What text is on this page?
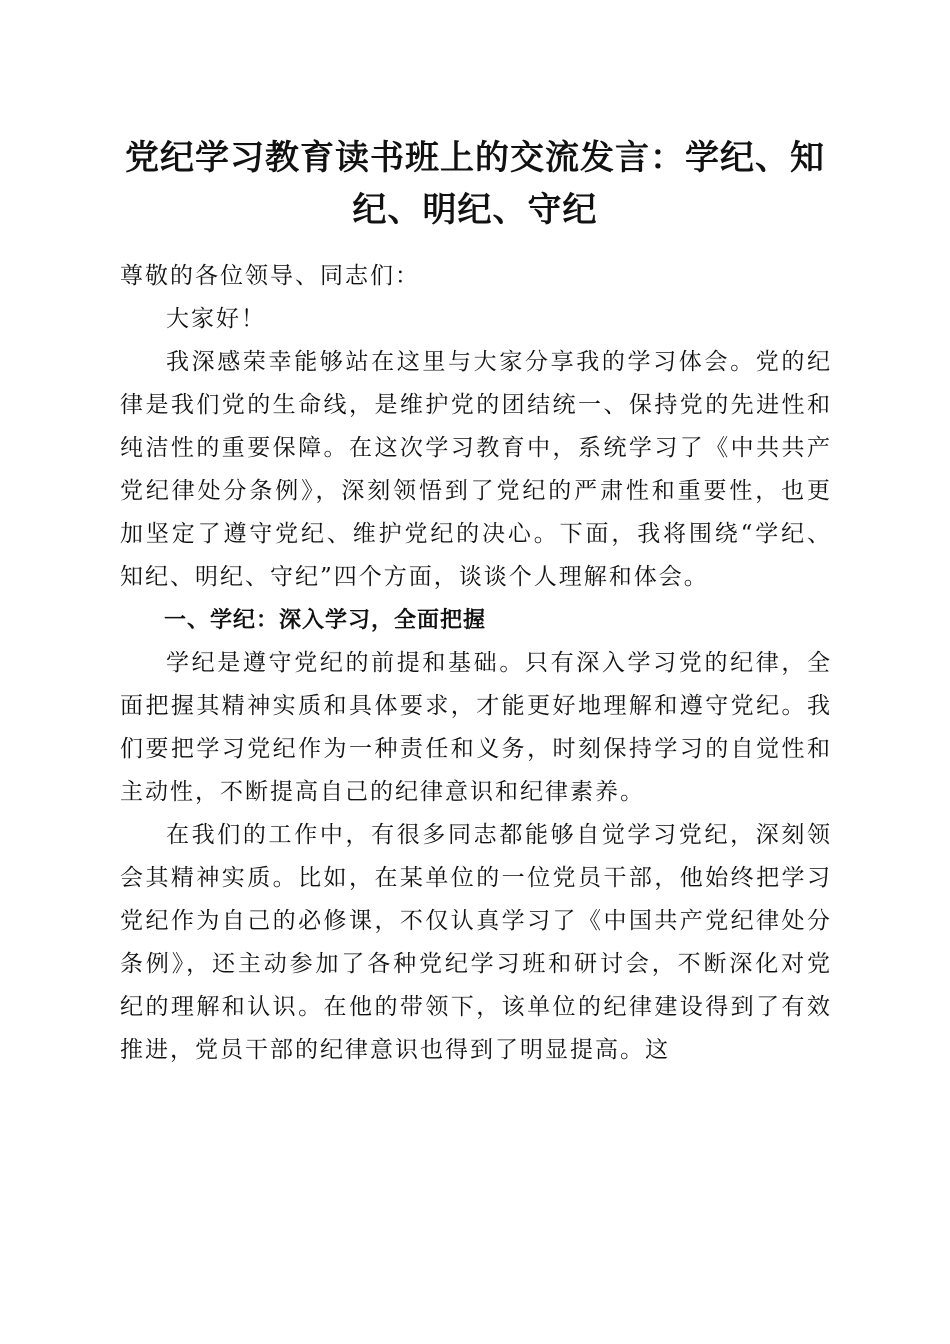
党纪学习教育读书班上的交流发言：学纪、知纪、明纪、守纪

尊敬的各位领导、同志们：

大家好！

我深感荣幸能够站在这里与大家分享我的学习体会。党的纪律是我们党的生命线，是维护党的团结统一、保持党的先进性和纯洁性的重要保障。在这次学习教育中，系统学习了《中共共产党纪律处分条例》，深刻领悟到了党纪的严肃性和重要性，也更加坚定了遵守党纪、维护党纪的决心。下面，我将围绕“学纪、知纪、明纪、守纪”四个方面，谈谈个人理解和体会。

一、学纪：深入学习，全面把握

学纪是遵守党纪的前提和基础。只有深入学习党的纪律，全面把握其精神实质和具体要求，才能更好地理解和遵守党纪。我们要把学习党纪作为一种责任和义务，时刻保持学习的自觉性和主动性，不断提高自己的纪律意识和纪律素养。

在我们的工作中，有很多同志都能够自觉学习党纪，深刻领会其精神实质。比如，在某单位的一位党员干部，他始终把学习党纪作为自己的必修课，不仅认真学习了《中国共产党纪律处分条例》，还主动参加了各种党纪学习班和研讨会，不断深化对党纪的理解和认识。在他的带领下，该单位的纪律建设得到了有效推进，党员干部的纪律意识也得到了明显提高。这
